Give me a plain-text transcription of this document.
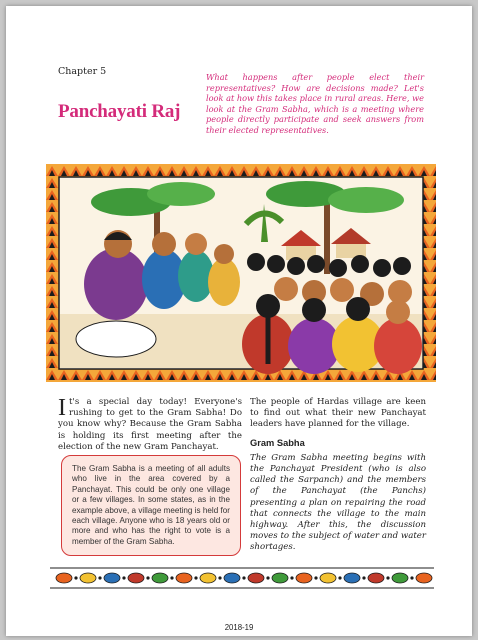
Chapter 5
Panchayati Raj
What happens after people elect their representatives? How are decisions made? Let's look at how this takes place in rural areas. Here, we look at the Gram Sabha, which is a meeting where people directly participate and seek answers from their elected representatives.
It's a special day today! Everyone's rushing to get to the Gram Sabha! Do you know why? Because the Gram Sabha is holding its first meeting after the election of the new Gram Panchayat.
The Gram Sabha is a meeting of all adults who live in the area covered by a Panchayat. This could be only one village or a few villages. In some states, as in the example above, a village meeting is held for each village. Anyone who is 18 years old or more and who has the right to vote is a member of the Gram Sabha.
The people of Hardas village are keen to find out what their new Panchayat leaders have planned for the village.
Gram Sabha
The Gram Sabha meeting begins with the Panchayat President (who is also called the Sarpanch) and the members of the Panchayat (the Panchs) presenting a plan on repairing the road that connects the village to the main highway. After this, the discussion moves to the subject of water and water shortages.
2018-19
